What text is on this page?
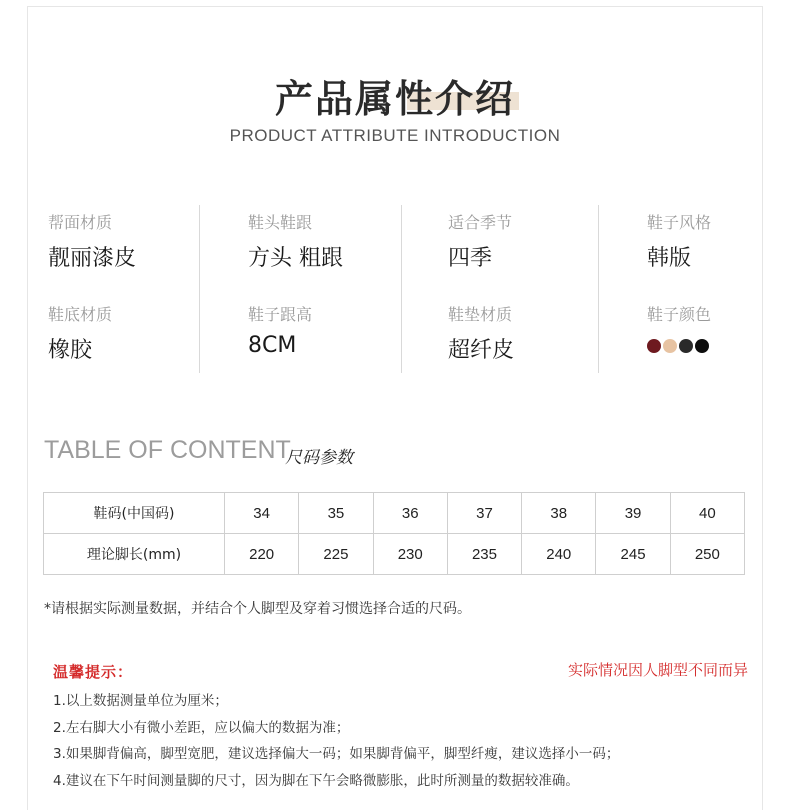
产品属性介绍
PRODUCT ATTRIBUTE INTRODUCTION
帮面材质
靓丽漆皮
鞋头鞋跟
方头 粗跟
适合季节
四季
鞋子风格
韩版
鞋底材质
橡胶
鞋子跟高
8CM
鞋垫材质
超纤皮
鞋子颜色
TABLE OF CONTENT
尺码参数
鞋码(中国码)	34	35	36	37	38	39	40
理论脚长(mm)	220	225	230	235	240	245	250
*请根据实际测量数据，并结合个人脚型及穿着习惯选择合适的尺码。
温馨提示：	实际情况因人脚型不同而异
1.以上数据测量单位为厘米；
2.左右脚大小有微小差距，应以偏大的数据为准；
3.如果脚背偏高，脚型宽肥，建议选择偏大一码；如果脚背偏平，脚型纤瘦，建议选择小一码；
4.建议在下午时间测量脚的尺寸，因为脚在下午会略微膨胀，此时所测量的数据较准确。
